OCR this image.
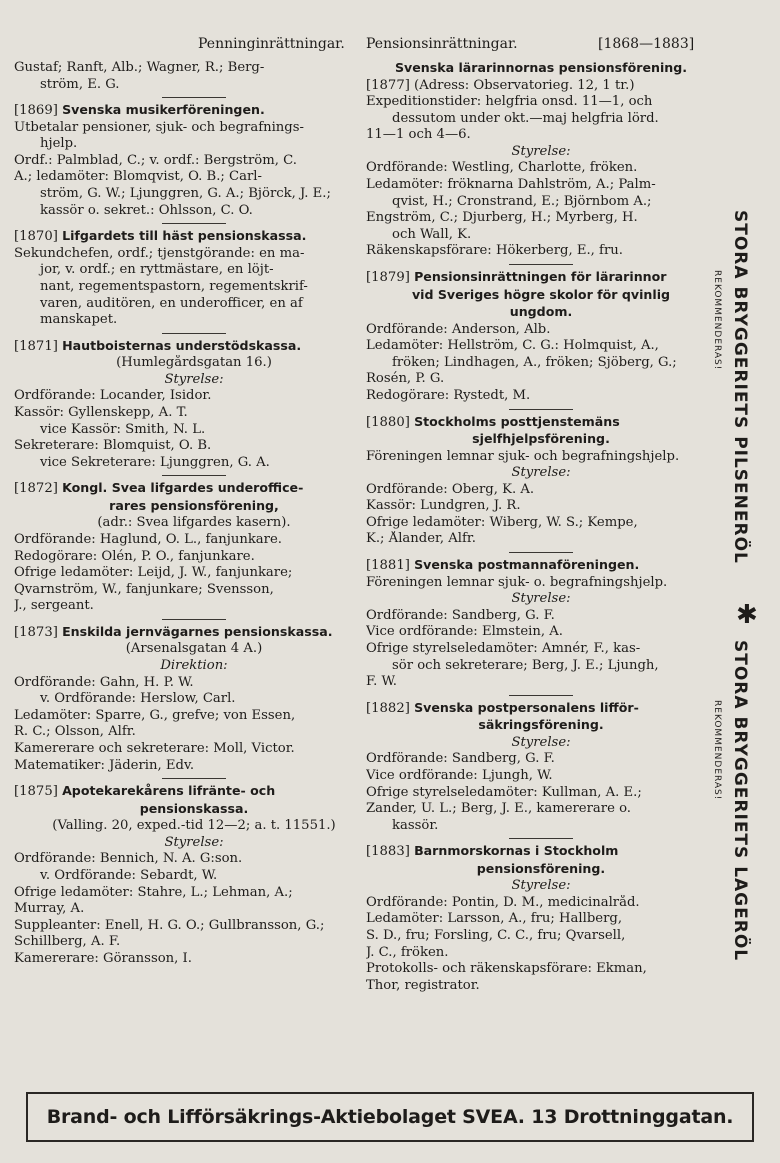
Penninginrättningar. Pensionsinrättningar.	[1868—1883]
Gustaf; Ranft, Alb.; Wagner, R.; Berg-
ström, E. G.
[1869] Svenska musikerföreningen.
Utbetalar pensioner, sjuk- och begrafnings-
hjelp.
Ordf.: Palmblad, C.; v. ordf.: Bergström, C.
A.; ledamöter: Blomqvist, O. B.; Carl-
ström, G. W.; Ljunggren, G. A.; Björck, J. E.;
kassör o. sekret.: Öhlsson, C. O.
[1870] Lifgardets till häst pensionskassa.
Sekundchefen, ordf.; tjenstgörande: en ma-
jor, v. ordf.; en ryttmästare, en löjt-
nant, regementspastorn, regementskrif-
varen, auditören, en underofficer, en af
manskapet.
[1871] Hautboisternas understödskassa.
(Humlegårdsgatan 16.)
Styrelse:
Ordförande: Locander, Isidor.
Kassör: Gyllenskepp, A. T.
vice Kassör: Smith, N. L.
Sekreterare: Blomquist, O. B.
vice Sekreterare: Ljunggren, G. A.
[1872] Kongl. Svea lifgardes underoffice-
rares pensionsförening,
(adr.: Svea lifgardes kasern).
Ordförande: Haglund, O. L., fanjunkare.
Redogörare: Olén, P. O., fanjunkare.
Öfrige ledamöter: Leijd, J. W., fanjunkare;
Qvarnström, W., fanjunkare; Svensson,
J., sergeant.
[1873] Enskilda jernvägarnes pensionskassa.
(Arsenalsgatan 4 A.)
Direktion:
Ordförande: Gahn, H. P. W.
v. Ordförande: Herslow, Carl.
Ledamöter: Sparre, G., grefve; von Essen,
R. C.; Olsson, Alfr.
Kamererare och sekreterare: Moll, Victor.
Matematiker: Jäderin, Edv.
[1875] Apotekarekårens lifränte- och
pensionskassa.
(Valling. 20, exped.-tid 12—2; a. t. 11551.)
Styrelse:
Ordförande: Bennich, N. A. G:son.
v. Ordförande: Sebardt, W.
Öfrige ledamöter: Stahre, L.; Lehman, A.;
Murray, A.
Suppleanter: Enell, H. G. O.; Gullbransson, G.;
Schillberg, A. F.
Kamererare: Göransson, I.
Svenska lärarinnornas pensionsförening.
[1877] (Adress: Observatorieg. 12, 1 tr.)
Expeditionstider: helgfria onsd. 11—1, och
dessutom under okt.—maj helgfria lörd.
11—1 och 4—6.
Styrelse:
Ordförande: Westling, Charlotte, fröken.
Ledamöter: fröknarna Dahlström, A.; Palm-
qvist, H.; Cronstrand, E.; Björnbom A.;
Engström, C.; Djurberg, H.; Myrberg, H.
och Wall, K.
Räkenskapsförare: Hökerberg, E., fru.
[1879] Pensionsinrättningen för lärarinnor
vid Sveriges högre skolor för qvinlig
ungdom.
Ordförande: Anderson, Alb.
Ledamöter: Hellström, C. G.: Holmquist, A.,
fröken; Lindhagen, A., fröken; Sjöberg, G.;
Rosén, P. G.
Redogörare: Rystedt, M.
[1880] Stockholms posttjenstemäns
sjelfhjelpsförening.
Föreningen lemnar sjuk- och begrafningshjelp.
Styrelse:
Ordförande: Öberg, K. A.
Kassör: Lundgren, J. R.
Öfrige ledamöter: Wiberg, W. S.; Kempe,
K.; Ålander, Alfr.
[1881] Svenska postmannaföreningen.
Föreningen lemnar sjuk- o. begrafningshjelp.
Styrelse:
Ordförande: Sandberg, G. F.
Vice ordförande: Elmstein, A.
Öfrige styrelseledamöter: Amnér, F., kas-
sör och sekreterare; Berg, J. E.; Ljungh,
F. W.
[1882] Svenska postpersonalens lifför-
säkringsförening.
Styrelse:
Ordförande: Sandberg, G. F.
Vice ordförande: Ljungh, W.
Öfrige styrelseledamöter: Kullman, A. E.;
Zander, U. L.; Berg, J. E., kamererare o.
kassör.
[1883] Barnmorskornas i Stockholm
pensionsförening.
Styrelse:
Ordförande: Pontin, D. M., medicinalråd.
Ledamöter: Larsson, A., fru; Hallberg,
S. D., fru; Forsling, C. C., fru; Qvarsell,
J. C., fröken.
Protokolls- och räkenskapsförare: Ekman,
Thor, registrator.
STORA BRYGGERIETS PILSENERÖL
REKOMMENDERAS!
STORA BRYGGERIETS LAGERÖL
REKOMMENDERAS!
✱
Brand- och Lifförsäkrings-Aktiebolaget SVEA. 13 Drottninggatan.
